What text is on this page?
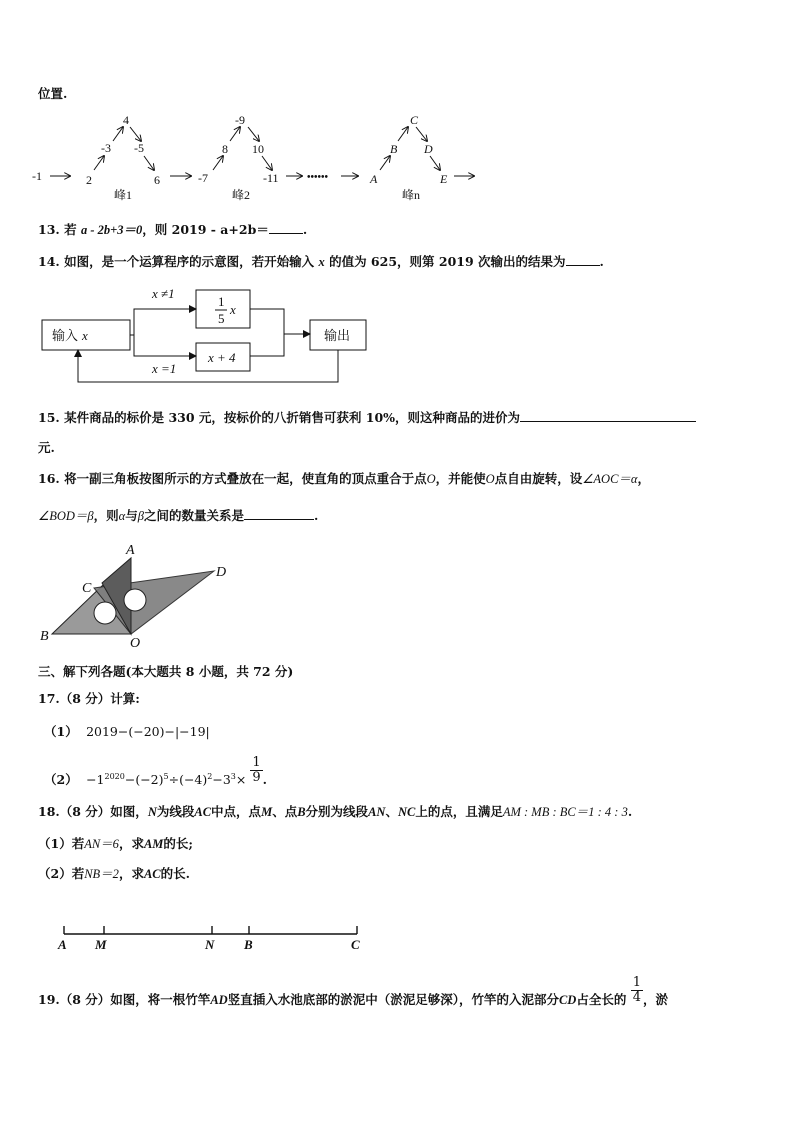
位置.
-1	2
-3
4
-5
6
峰1
-7
8
-9
10
-11
峰2
••••••	A
B
C
D
E
峰n
13. 若 a - 2b+3＝0，则 2019 - a+2b＝	.
14. 如图，是一个运算程序的示意图，若开始输入 x 的值为 625，则第 2019 次输出的结果为	.
输入 x
x ≠1
x =1
1
5
x
x + 4
输出
15. 某件商品的标价是 330 元，按标价的八折销售可获利 10%，则这种商品的进价为
元.
16. 将一副三角板按图所示的方式叠放在一起，使直角的顶点重合于点O，并能使O点自由旋转，设∠AOC＝α，
∠BOD＝β，则α与β之间的数量关系是	.
A
B
C
D
O
三、解下列各题(本大题共 8 小题，共 72 分)
17.（8 分）计算:
（1） 2019−(−20)−|−19|
$(2) -1^{2020}-(-2)^5\div(-4)^2-3^3\times \frac{1}{9}$ .
18.（8 分）如图，N为线段AC中点，点M、点B分别为线段AN、NC上的点，且满足AM : MB : BC＝1 : 4 : 3.
（1）若AN＝6，求AM的长;
（2）若NB＝2，求AC的长.
A M	N B	C
19.（8 分）如图，将一根竹竿AD竖直插入水池底部的淤泥中（淤泥足够深），竹竿的入泥部分CD占全长的 $\frac{1}{4}$ ，淤
